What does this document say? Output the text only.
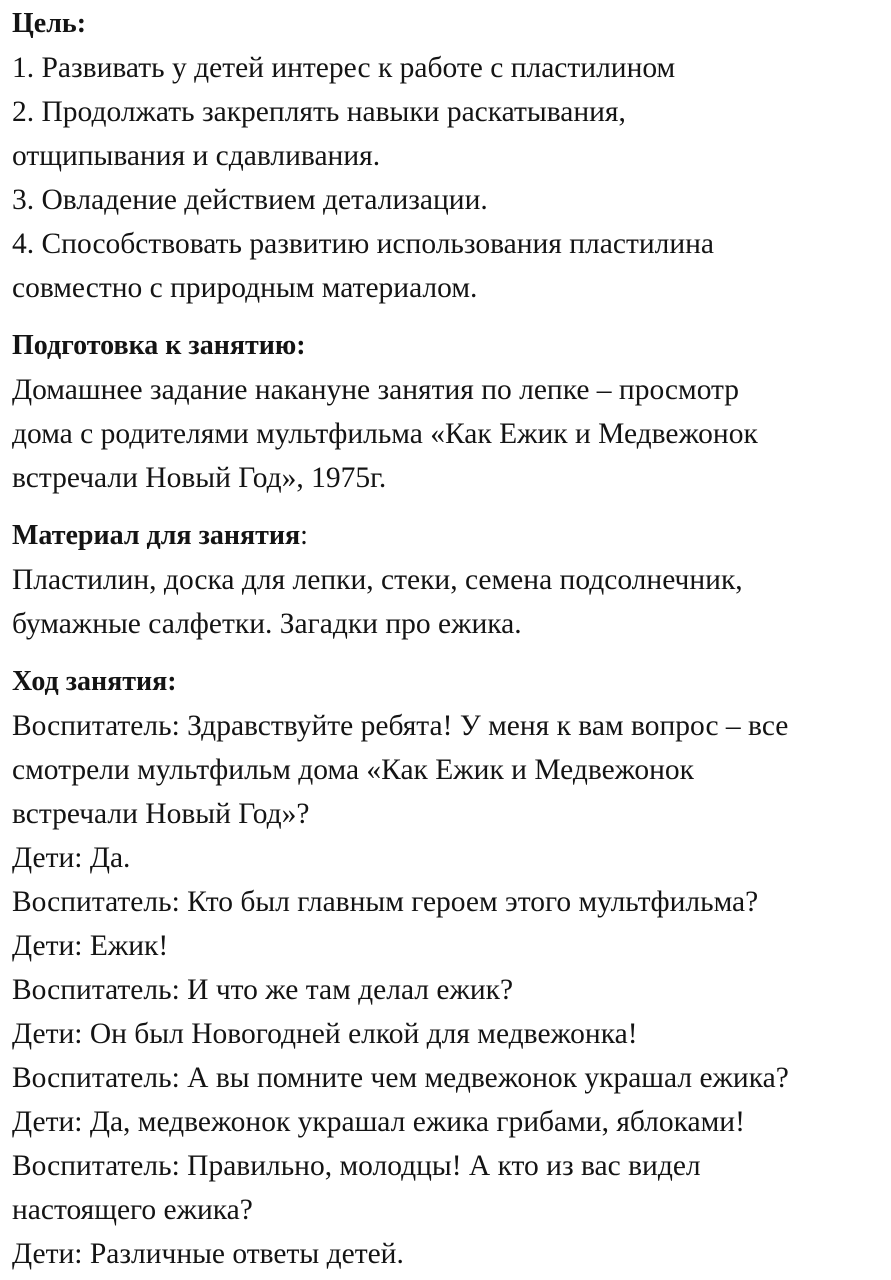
Цель:

1. Развивать у детей интерес к работе с пластилином

2. Продолжать закреплять навыки раскатывания,

отщипывания и сдавливания.

3. Овладение действием детализации.

4. Способствовать развитию использования пластилина

совместно с природным материалом.

Подготовка к занятию:

Домашнее задание накануне занятия по лепке – просмотр

дома с родителями мультфильма «Как Ежик и Медвежонок

встречали Новый Год», 1975г.

Материал для занятия:

Пластилин, доска для лепки, стеки, семена подсолнечник,

бумажные салфетки. Загадки про ежика.

Ход занятия:

Воспитатель: Здравствуйте ребята! У меня к вам вопрос – все

смотрели мультфильм дома «Как Ежик и Медвежонок

встречали Новый Год»?

Дети: Да.

Воспитатель: Кто был главным героем этого мультфильма?

Дети: Ежик!

Воспитатель: И что же там делал ежик?

Дети: Он был Новогодней елкой для медвежонка!

Воспитатель: А вы помните чем медвежонок украшал ежика?

Дети: Да, медвежонок украшал ежика грибами, яблоками!

Воспитатель: Правильно, молодцы! А кто из вас видел

настоящего ежика?

Дети: Различные ответы детей.
